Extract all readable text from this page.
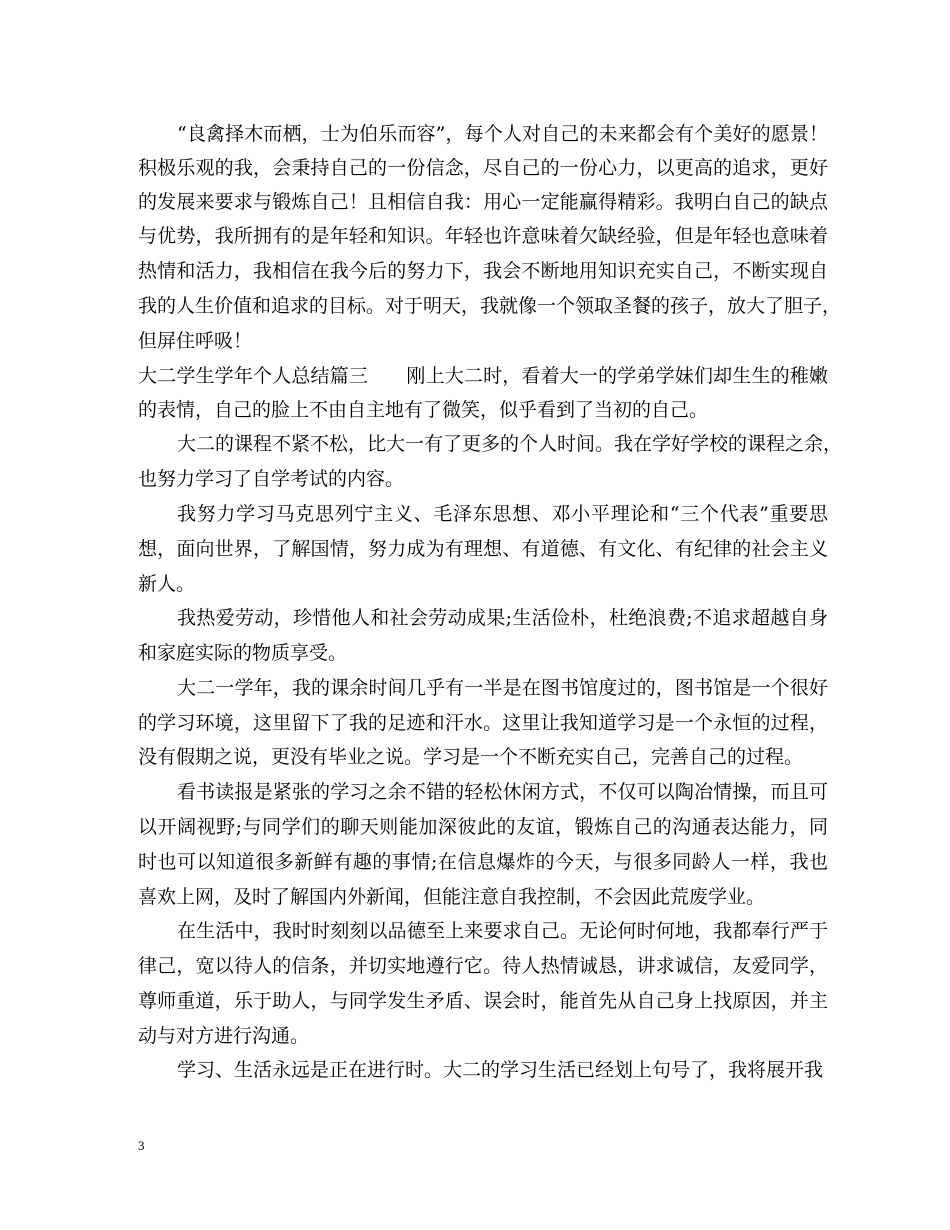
“良禽择木而栖，士为伯乐而容”，每个人对自己的未来都会有个美好的愿景！
积极乐观的我，会秉持自己的一份信念，尽自己的一份心力，以更高的追求，更好
的发展来要求与锻炼自己！且相信自我：用心一定能赢得精彩。我明白自己的缺点
与优势，我所拥有的是年轻和知识。年轻也许意味着欠缺经验，但是年轻也意味着
热情和活力，我相信在我今后的努力下，我会不断地用知识充实自己，不断实现自
我的人生价值和追求的目标。对于明天，我就像一个领取圣餐的孩子，放大了胆子，
但屏住呼吸！
大二学生学年个人总结篇三　　刚上大二时，看着大一的学弟学妹们却生生的稚嫩
的表情，自己的脸上不由自主地有了微笑，似乎看到了当初的自己。
大二的课程不紧不松，比大一有了更多的个人时间。我在学好学校的课程之余，
也努力学习了自学考试的内容。
我努力学习马克思列宁主义、毛泽东思想、邓小平理论和“三个代表”重要思
想，面向世界，了解国情，努力成为有理想、有道德、有文化、有纪律的社会主义
新人。
我热爱劳动，珍惜他人和社会劳动成果;生活俭朴，杜绝浪费;不追求超越自身
和家庭实际的物质享受。
大二一学年，我的课余时间几乎有一半是在图书馆度过的，图书馆是一个很好
的学习环境，这里留下了我的足迹和汗水。这里让我知道学习是一个永恒的过程，
没有假期之说，更没有毕业之说。学习是一个不断充实自己，完善自己的过程。
看书读报是紧张的学习之余不错的轻松休闲方式，不仅可以陶冶情操，而且可
以开阔视野;与同学们的聊天则能加深彼此的友谊，锻炼自己的沟通表达能力，同
时也可以知道很多新鲜有趣的事情;在信息爆炸的今天，与很多同龄人一样，我也
喜欢上网，及时了解国内外新闻，但能注意自我控制，不会因此荒废学业。
在生活中，我时时刻刻以品德至上来要求自己。无论何时何地，我都奉行严于
律己，宽以待人的信条，并切实地遵行它。待人热情诚恳，讲求诚信，友爱同学，
尊师重道，乐于助人，与同学发生矛盾、误会时，能首先从自己身上找原因，并主
动与对方进行沟通。
学习、生活永远是正在进行时。大二的学习生活已经划上句号了，我将展开我
3
